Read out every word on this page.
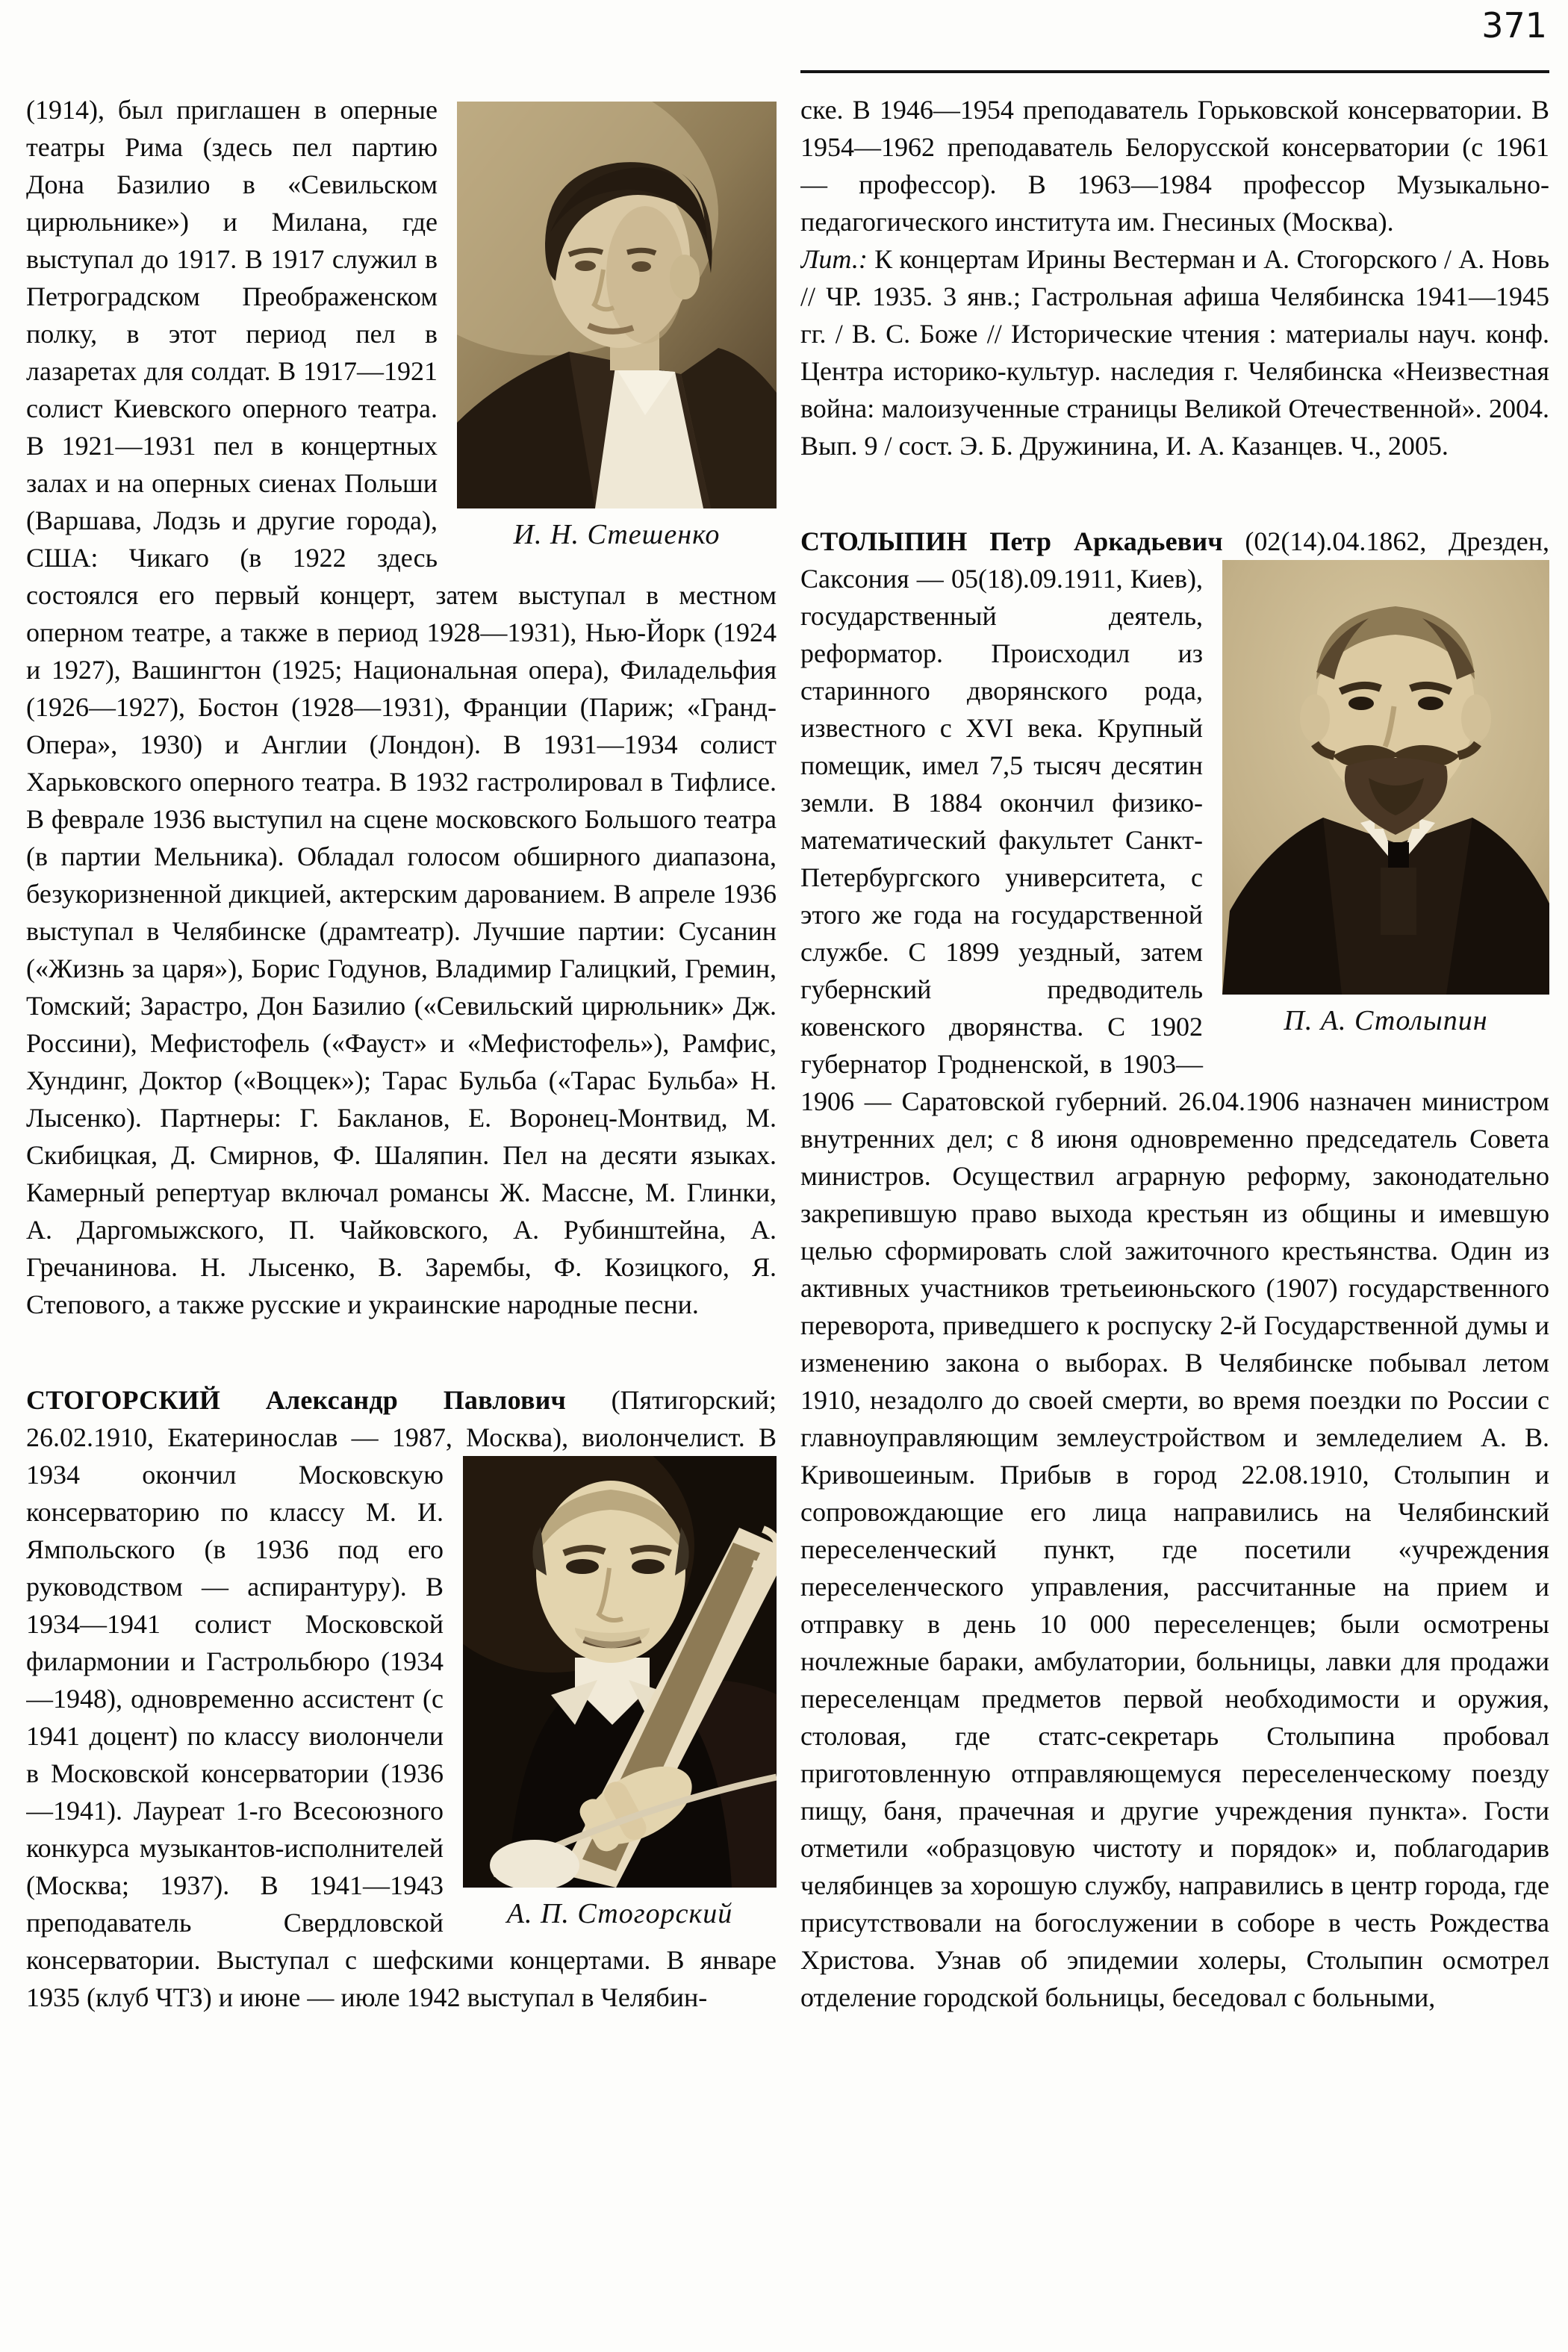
371

И. Н. Стешенко
(1914), был приглашен в оперные театры Рима (здесь пел партию Дона Базилио в «Севильском цирюльнике») и Милана, где выступал до 1917. В 1917 служил в Петроградском Преображенском полку, в этот период пел в лазаретах для солдат. В 1917—1921 солист Киевского оперного театра. В 1921—1931 пел в концертных залах и на оперных сиенах Польши (Варшава, Лодзь и другие города), США: Чикаго (в 1922 здесь состоялся его первый концерт, затем выступал в местном оперном театре, а также в период 1928—1931), Нью-Йорк (1924 и 1927), Вашингтон (1925; Национальная опера), Филадельфия (1926—1927), Бостон (1928—1931), Франции (Париж; «Гранд-Опера», 1930) и Англии (Лондон). В 1931—1934 солист Харьковского оперного театра. В 1932 гастролировал в Тифлисе. В феврале 1936 выступил на сцене московского Большого театра (в партии Мельника). Обладал голосом обширного диапазона, безукоризненной дикцией, актерским дарованием. В апреле 1936 выступал в Челябинске (драмтеатр). Лучшие партии: Сусанин («Жизнь за царя»), Борис Годунов, Владимир Галицкий, Гремин, Томский; Зарастро, Дон Базилио («Севильский цирюльник» Дж. Россини), Мефистофель («Фауст» и «Мефистофель»), Рамфис, Хундинг, Доктор («Воццек»); Тарас Бульба («Тарас Бульба» Н. Лысенко). Партнеры: Г. Бакланов, Е. Воронец-Монтвид, М. Скибицкая, Д. Смирнов, Ф. Шаляпин. Пел на десяти языках. Камерный репертуар включал романсы Ж. Массне, М. Глинки, А. Даргомыжского, П. Чайковского, А. Рубинштейна, А. Гречанинова. Н. Лысенко, В. Зарембы, Ф. Козицкого, Я. Степового, а также русские и украинские народные песни.

СТОГОРСКИЙ Александр Павлович (Пятигорский; 26.02.1910, Екатеринослав — 1987, Москва),
А. П. Стогорский
виолончелист. В 1934 окончил Московскую консерваторию по классу М. И. Ямпольского (в 1936 под его руководством — аспирантуру). В 1934—1941 солист Московской филармонии и Гастрольбюро (1934—1948), одновременно ассистент (с 1941 доцент) по классу виолончели в Московской консерватории (1936—1941). Лауреат 1-го Всесоюзного конкурса музыкантов-исполнителей (Москва; 1937). В 1941—1943 преподаватель Свердловской консерватории. Выступал с шефскими концертами. В январе 1935 (клуб ЧТЗ) и июне — июле 1942 выступал в Челябин-

ске. В 1946—1954 преподаватель Горьковской консерватории. В 1954—1962 преподаватель Белорусской консерватории (с 1961 — профессор). В 1963—1984 профессор Музыкально-педагогического института им. Гнесиных (Москва).

Лит.: К концертам Ирины Вестерман и А. Стогорского / А. Новь // ЧР. 1935. 3 янв.; Гастрольная афиша Челябинска 1941—1945 гг. / В. С. Боже // Исторические чтения : материалы науч. конф. Центра историко-культур. наследия г. Челябинска «Неизвестная война: малоизученные страницы Великой Отечественной». 2004. Вып. 9 / сост. Э. Б. Дружинина, И. А. Казанцев. Ч., 2005.

СТОЛЫПИН Петр Аркадьевич (02(14).04.1862, Дрезден, Саксония — 05(18).09.1911, Киев),
П. А. Столыпин
государственный деятель, реформатор. Происходил из старинного дворянского рода, известного с XVI века. Крупный помещик, имел 7,5 тысяч десятин земли. В 1884 окончил физико-математический факультет Санкт-Петербургского университета, с этого же года на государственной службе. С 1899 уездный, затем губернский предводитель ковенского дворянства. С 1902 губернатор Гродненской, в 1903—1906 — Саратовской губерний. 26.04.1906 назначен министром внутренних дел; с 8 июня одновременно председатель Совета министров. Осуществил аграрную реформу, законодательно закрепившую право выхода крестьян из общины и имевшую целью сформировать слой зажиточного крестьянства. Один из активных участников третьеиюньского (1907) государственного переворота, приведшего к роспуску 2-й Государственной думы и изменению закона о выборах. В Челябинске побывал летом 1910, незадолго до своей смерти, во время поездки по России с главноуправляющим землеустройством и земледелием А. В. Кривошеиным. Прибыв в город 22.08.1910, Столыпин и сопровождающие его лица направились на Челябинский переселенческий пункт, где посетили «учреждения переселенческого управления, рассчитанные на прием и отправку в день 10 000 переселенцев; были осмотрены ночлежные бараки, амбулатории, больницы, лавки для продажи переселенцам предметов первой необходимости и оружия, столовая, где статс-секретарь Столыпина пробовал приготовленную отправляющемуся переселенческому поезду пищу, баня, прачечная и другие учреждения пункта». Гости отметили «образцовую чистоту и порядок» и, поблагодарив челябинцев за хорошую службу, направились в центр города, где присутствовали на богослужении в соборе в честь Рождества Христова. Узнав об эпидемии холеры, Столыпин осмотрел отделение городской больницы, беседовал с больными,
